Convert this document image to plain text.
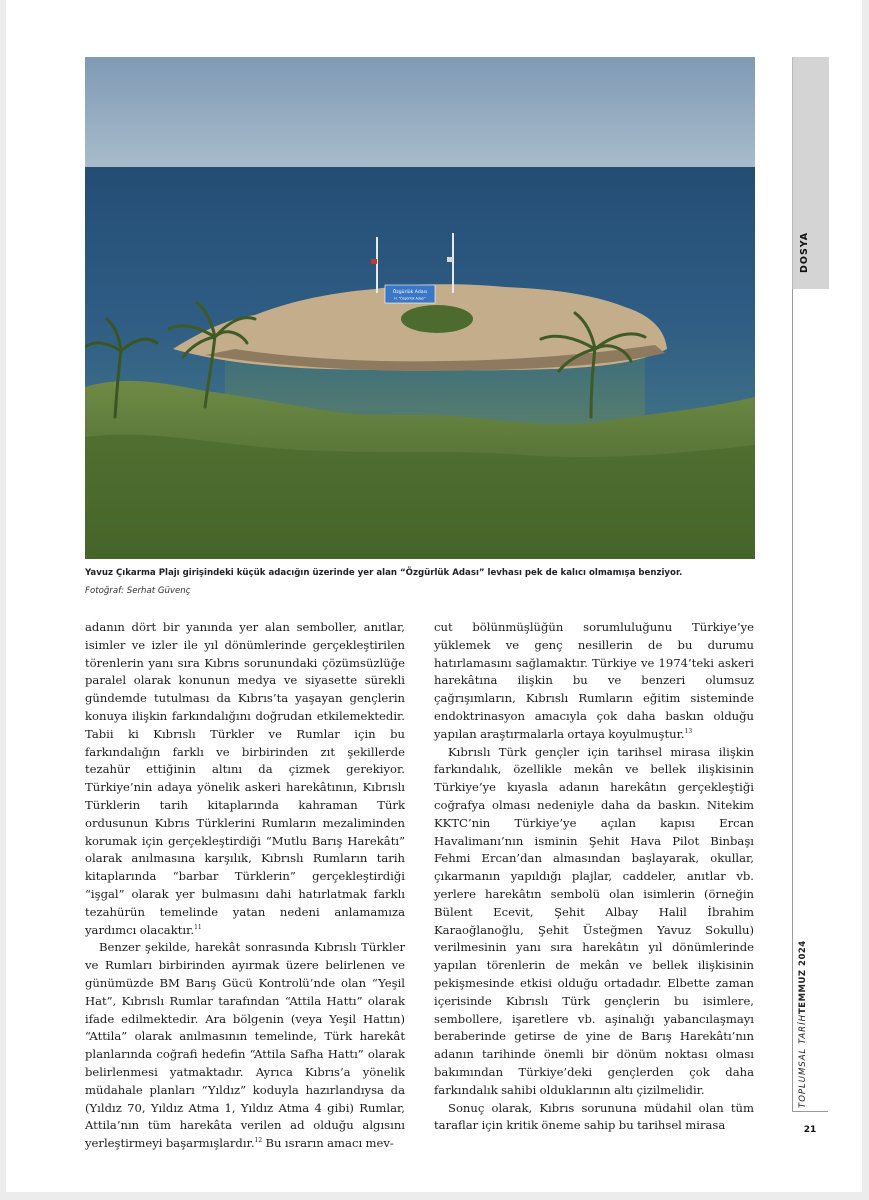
Özgürlük Adası
H. “Özgürlük Adası”
Yavuz Çıkarma Plajı girişindeki küçük adacığın üzerinde yer alan “Özgürlük Adası” levhası pek de kalıcı olmamışa benziyor.
Fotoğraf: Serhat Güvenç

adanın dört bir yanında yer alan semboller, anıtlar, isimler ve izler ile yıl dönümlerinde gerçekleştirilen törenlerin yanı sıra Kıbrıs sorunundaki çözümsüzlüğe paralel olarak konunun medya ve siyasette sürekli gündemde tutulması da Kıbrıs’ta yaşayan gençlerin konuya ilişkin farkındalığını doğrudan etkilemektedir. Tabii ki Kıbrıslı Türkler ve Rumlar için bu farkındalığın farklı ve birbirinden zıt şekillerde tezahür ettiğinin altını da çizmek gerekiyor. Türkiye’nin adaya yönelik askeri harekâtının, Kıbrıslı Türklerin tarih kitaplarında kahraman Türk ordusunun Kıbrıs Türklerini Rumların mezaliminden korumak için gerçekleştirdiği “Mutlu Barış Harekâtı” olarak anılmasına karşılık, Kıbrıslı Rumların tarih kitaplarında “barbar Türklerin” gerçekleştirdiği “işgal” olarak yer bulmasını dahi hatırlatmak farklı tezahürün temelinde yatan nedeni anlamamıza yardımcı olacaktır.$^{11}$

Benzer şekilde, harekât sonrasında Kıbrıslı Türkler ve Rumları birbirinden ayırmak üzere belirlenen ve günümüzde BM Barış Gücü Kontrolü’nde olan “Yeşil Hat”, Kıbrıslı Rumlar tarafından “Attila Hattı” olarak ifade edilmektedir. Ara bölgenin (veya Yeşil Hattın) “Attila” olarak anılmasının temelinde, Türk harekât planlarında coğrafi hedefin “Attila Safha Hattı” olarak belirlenmesi yatmaktadır. Ayrıca Kıbrıs’a yönelik müdahale planları “Yıldız” koduyla hazırlandıysa da (Yıldız 70, Yıldız Atma 1, Yıldız Atma 4 gibi) Rumlar, Attila’nın tüm harekâta verilen ad olduğu algısını yerleştirmeyi başarmışlardır.$^{12}$ Bu ısrarın amacı mev-

cut bölünmüşlüğün sorumluluğunu Türkiye’ye yüklemek ve genç nesillerin de bu durumu hatırlamasını sağlamaktır. Türkiye ve 1974’teki askeri harekâtına ilişkin bu ve benzeri olumsuz çağrışımların, Kıbrıslı Rumların eğitim sisteminde endoktrinasyon amacıyla çok daha baskın olduğu yapılan araştırmalarla ortaya koyulmuştur.$^{13}$

Kıbrıslı Türk gençler için tarihsel mirasa ilişkin farkındalık, özellikle mekân ve bellek ilişkisinin Türkiye’ye kıyasla adanın harekâtın gerçekleştiği coğrafya olması nedeniyle daha da baskın. Nitekim KKTC’nin Türkiye’ye açılan kapısı Ercan Havalimanı’nın isminin Şehit Hava Pilot Binbaşı Fehmi Ercan’dan almasından başlayarak, okullar, çıkarmanın yapıldığı plajlar, caddeler, anıtlar vb. yerlere harekâtın sembolü olan isimlerin (örneğin Bülent Ecevit, Şehit Albay Halil İbrahim Karaoğlanoğlu, Şehit Üsteğmen Yavuz Sokullu) verilmesinin yanı sıra harekâtın yıl dönümlerinde yapılan törenlerin de mekân ve bellek ilişkisinin pekişmesinde etkisi olduğu ortadadır. Elbette zaman içerisinde Kıbrıslı Türk gençlerin bu isimlere, sembollere, işaretlere vb. aşinalığı yabancılaşmayı beraberinde getirse de yine de Barış Harekâtı’nın adanın tarihinde önemli bir dönüm noktası olması bakımından Türkiye’deki gençlerden çok daha farkındalık sahibi olduklarının altı çizilmelidir.

Sonuç olarak, Kıbrıs sorununa müdahil olan tüm taraflar için kritik öneme sahip bu tarihsel mirasa

DOSYA
TOPLUMSAL TARİHTEMMUZ 2024
21
